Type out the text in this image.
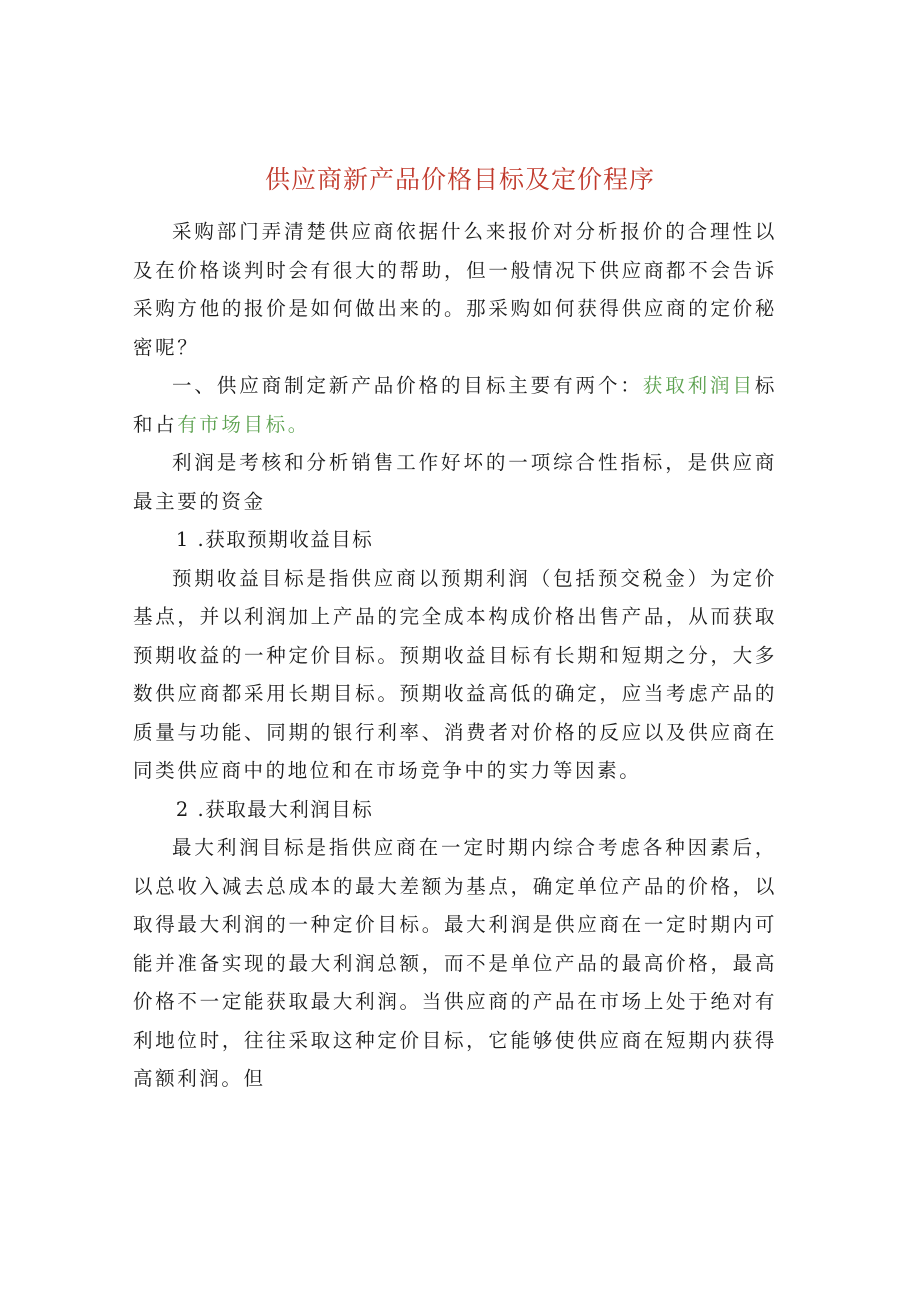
供应商新产品价格目标及定价程序

采购部门弄清楚供应商依据什么来报价对分析报价的合理性以及在价格谈判时会有很大的帮助，但一般情况下供应商都不会告诉采购方他的报价是如何做出来的。那采购如何获得供应商的定价秘密呢？

一、供应商制定新产品价格的目标主要有两个：获取利润目标和占有市场目标。

利润是考核和分析销售工作好坏的一项综合性指标，是供应商最主要的资金

1 .获取预期收益目标

预期收益目标是指供应商以预期利润（包括预交税金）为定价基点，并以利润加上产品的完全成本构成价格出售产品，从而获取预期收益的一种定价目标。预期收益目标有长期和短期之分，大多数供应商都采用长期目标。预期收益高低的确定，应当考虑产品的质量与功能、同期的银行利率、消费者对价格的反应以及供应商在同类供应商中的地位和在市场竞争中的实力等因素。

2 .获取最大利润目标

最大利润目标是指供应商在一定时期内综合考虑各种因素后，以总收入减去总成本的最大差额为基点，确定单位产品的价格，以取得最大利润的一种定价目标。最大利润是供应商在一定时期内可能并准备实现的最大利润总额，而不是单位产品的最高价格，最高价格不一定能获取最大利润。当供应商的产品在市场上处于绝对有利地位时，往往采取这种定价目标，它能够使供应商在短期内获得高额利润。但
